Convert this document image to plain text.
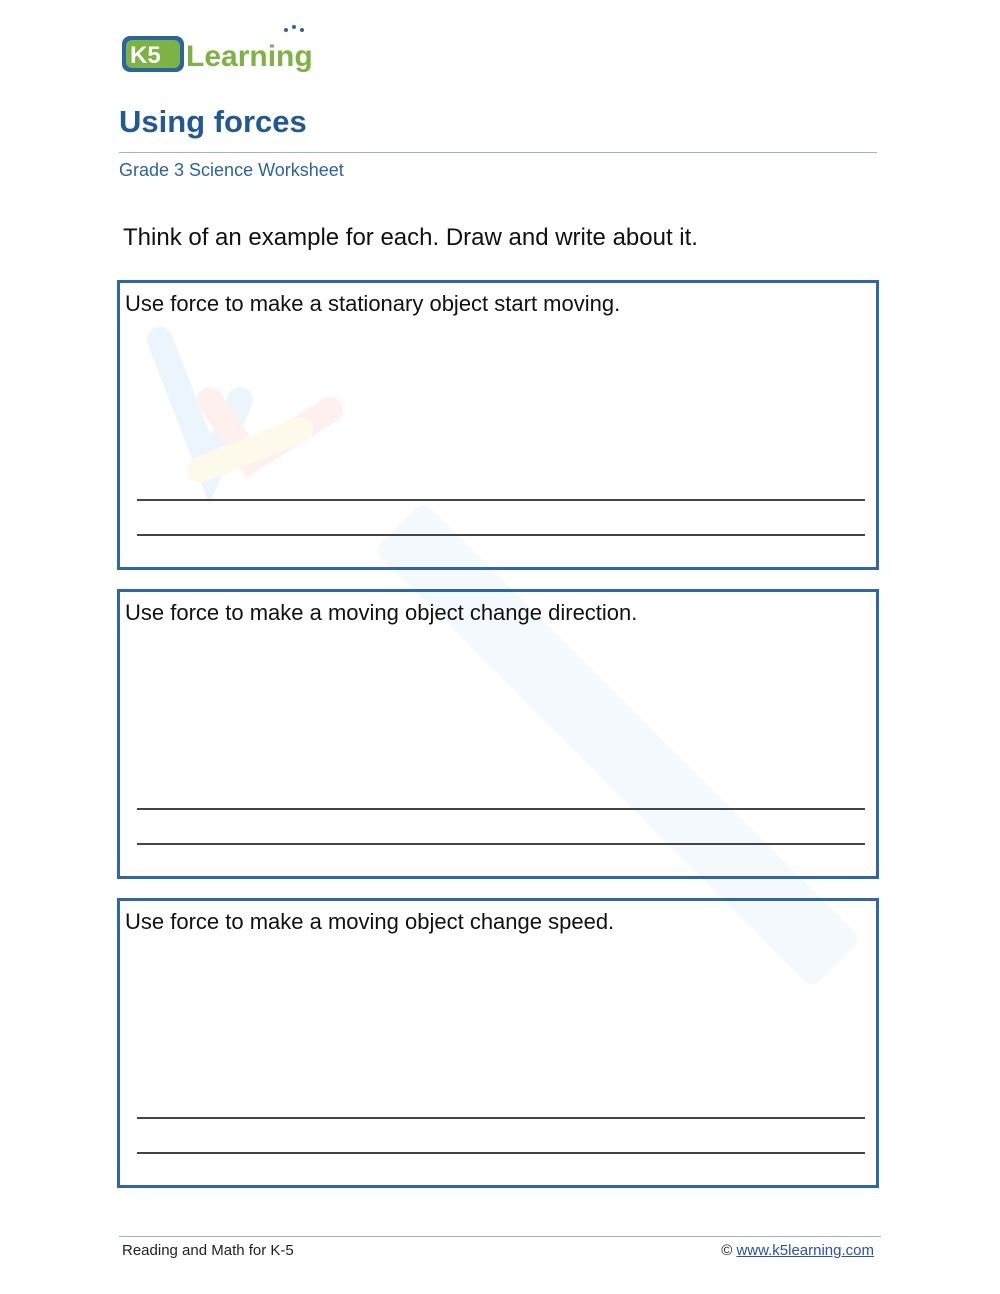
K5 Learning
Using forces
Grade 3 Science Worksheet
Think of an example for each. Draw and write about it.
Use force to make a stationary object start moving.
Use force to make a moving object change direction.
Use force to make a moving object change speed.
Reading and Math for K-5	© www.k5learning.com
